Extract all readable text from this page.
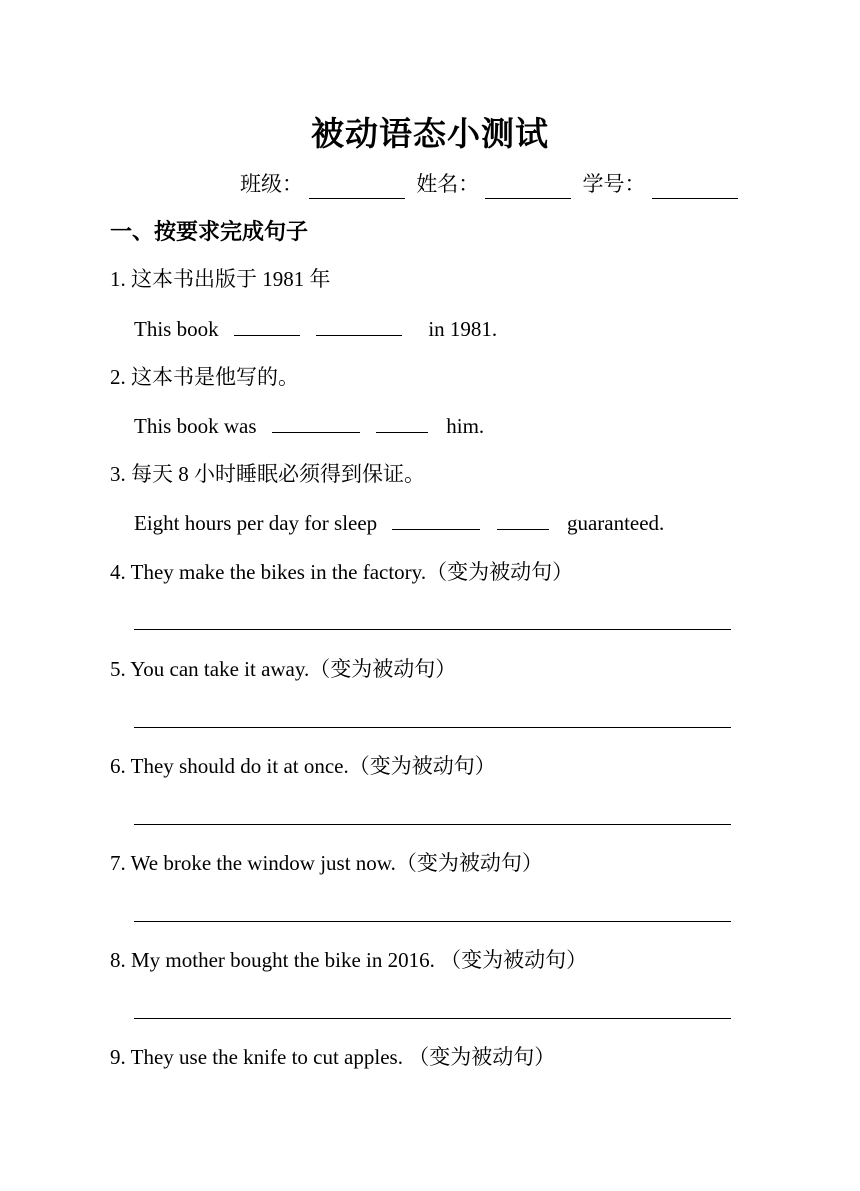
被动语态小测试
班级：	姓名：	学号：
一、按要求完成句子
1. 这本书出版于 1981 年
This book	in 1981.
2. 这本书是他写的。
This book was	him.
3. 每天 8 小时睡眠必须得到保证。
Eight hours per day for sleep	guaranteed.
4. They make the bikes in the factory.（变为被动句）
5. You can take it away.（变为被动句）
6. They should do it at once.（变为被动句）
7. We broke the window just now.（变为被动句）
8. My mother bought the bike in 2016. （变为被动句）
9. They use the knife to cut apples. （变为被动句）
